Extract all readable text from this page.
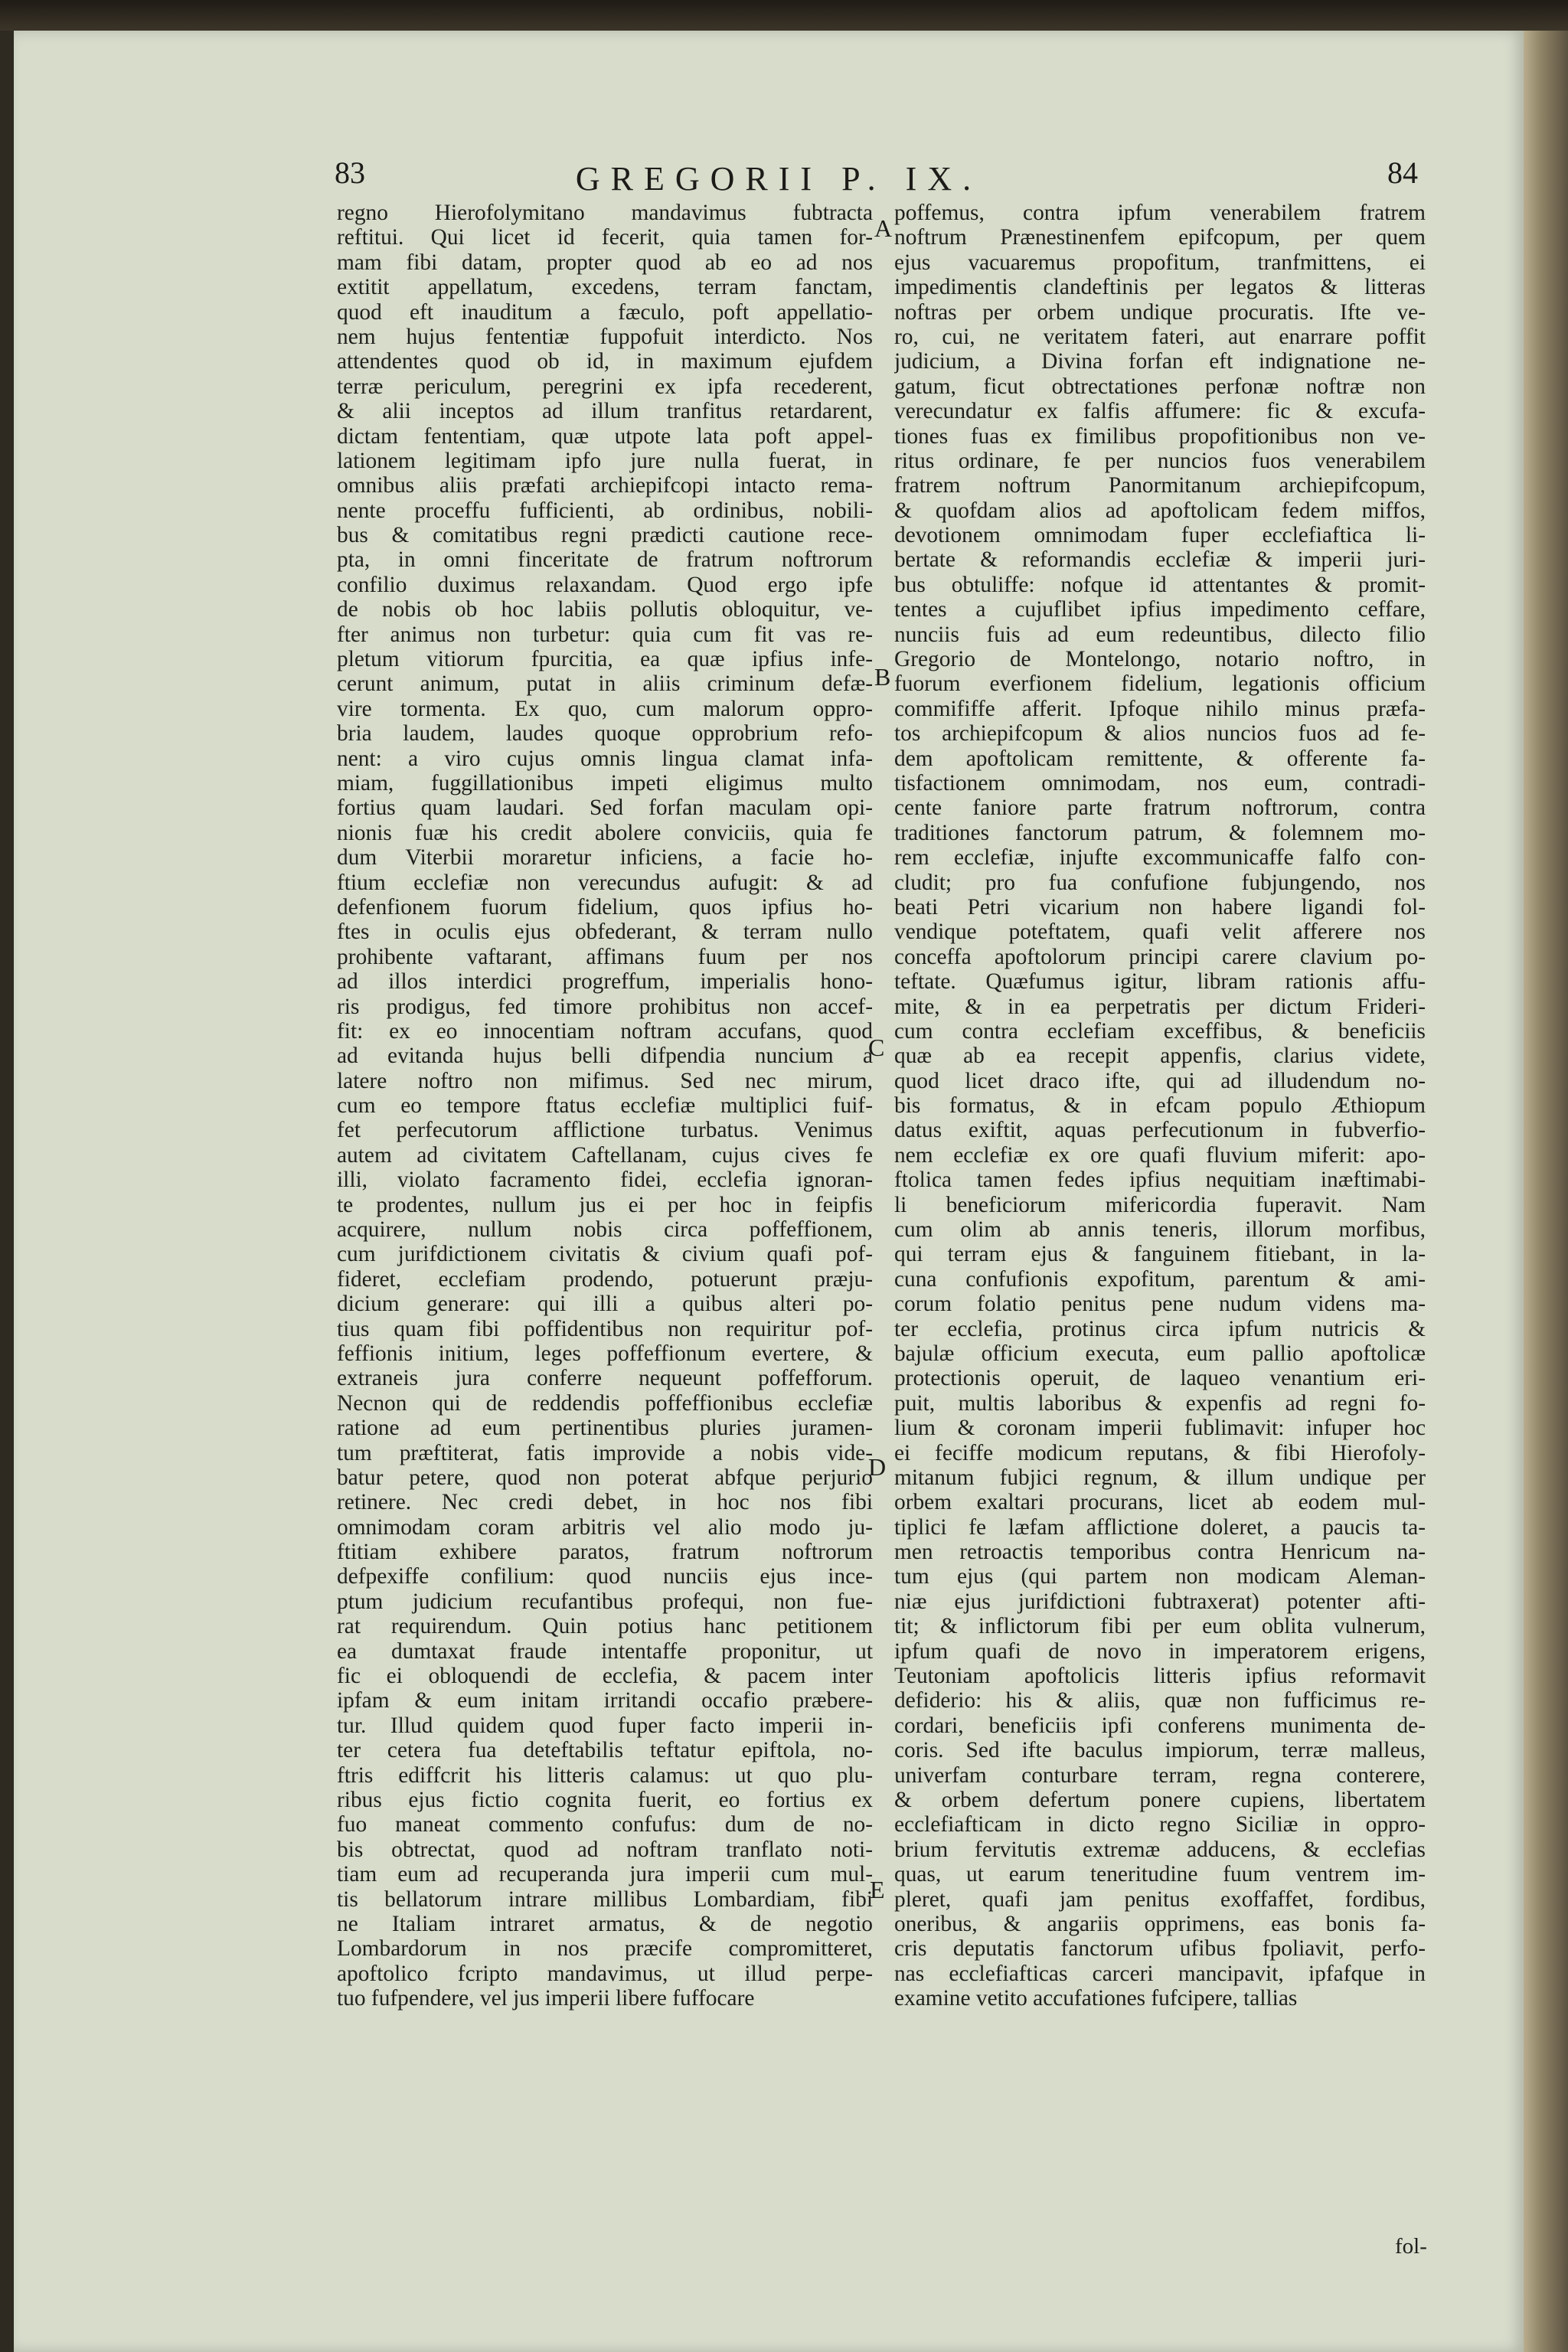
83	84
GREGORII P. IX.
regno Hierofolymitano mandavimus fubtracta
reftitui. Qui licet id fecerit, quia tamen for-
mam fibi datam, propter quod ab eo ad nos
extitit appellatum, excedens, terram fanctam,
quod eft inauditum a fæculo, poft appellatio-
nem hujus fententiæ fuppofuit interdicto. Nos
attendentes quod ob id, in maximum ejufdem
terræ periculum, peregrini ex ipfa recederent,
& alii inceptos ad illum tranfitus retardarent,
dictam fententiam, quæ utpote lata poft appel-
lationem legitimam ipfo jure nulla fuerat, in
omnibus aliis præfati archiepifcopi intacto rema-
nente proceffu fufficienti, ab ordinibus, nobili-
bus & comitatibus regni prædicti cautione rece-
pta, in omni finceritate de fratrum noftrorum
confilio duximus relaxandam. Quod ergo ipfe
de nobis ob hoc labiis pollutis obloquitur, ve-
fter animus non turbetur: quia cum fit vas re-
pletum vitiorum fpurcitia, ea quæ ipfius infe-
cerunt animum, putat in aliis criminum defæ-
vire tormenta. Ex quo, cum malorum oppro-
bria laudem, laudes quoque opprobrium refo-
nent: a viro cujus omnis lingua clamat infa-
miam, fuggillationibus impeti eligimus multo
fortius quam laudari. Sed forfan maculam opi-
nionis fuæ his credit abolere conviciis, quia fe
dum Viterbii moraretur inficiens, a facie ho-
ftium ecclefiæ non verecundus aufugit: & ad
defenfionem fuorum fidelium, quos ipfius ho-
ftes in oculis ejus obfederant, & terram nullo
prohibente vaftarant, affimans fuum per nos
ad illos interdici progreffum, imperialis hono-
ris prodigus, fed timore prohibitus non accef-
fit: ex eo innocentiam noftram accufans, quod
ad evitanda hujus belli difpendia nuncium a
latere noftro non mifimus. Sed nec mirum,
cum eo tempore ftatus ecclefiæ multiplici fuif-
fet perfecutorum afflictione turbatus. Venimus
autem ad civitatem Caftellanam, cujus cives fe
illi, violato facramento fidei, ecclefia ignoran-
te prodentes, nullum jus ei per hoc in feipfis
acquirere, nullum nobis circa poffeffionem,
cum jurifdictionem civitatis & civium quafi pof-
fideret, ecclefiam prodendo, potuerunt præju-
dicium generare: qui illi a quibus alteri po-
tius quam fibi poffidentibus non requiritur pof-
feffionis initium, leges poffeffionum evertere, &
extraneis jura conferre nequeunt poffefforum.
Necnon qui de reddendis poffeffionibus ecclefiæ
ratione ad eum pertinentibus pluries juramen-
tum præftiterat, fatis improvide a nobis vide-
batur petere, quod non poterat abfque perjurio
retinere. Nec credi debet, in hoc nos fibi
omnimodam coram arbitris vel alio modo ju-
ftitiam exhibere paratos, fratrum noftrorum
defpexiffe confilium: quod nunciis ejus ince-
ptum judicium recufantibus profequi, non fue-
rat requirendum. Quin potius hanc petitionem
ea dumtaxat fraude intentaffe proponitur, ut
fic ei obloquendi de ecclefia, & pacem inter
ipfam & eum initam irritandi occafio præbere-
tur. Illud quidem quod fuper facto imperii in-
ter cetera fua deteftabilis teftatur epiftola, no-
ftris ediffcrit his litteris calamus: ut quo plu-
ribus ejus fictio cognita fuerit, eo fortius ex
fuo maneat commento confufus: dum de no-
bis obtrectat, quod ad noftram tranflato noti-
tiam eum ad recuperanda jura imperii cum mul-
tis bellatorum intrare millibus Lombardiam, fibi
ne Italiam intraret armatus, & de negotio
Lombardorum in nos præcife compromitteret,
apoftolico fcripto mandavimus, ut illud perpe-
tuo fufpendere, vel jus imperii libere fuffocare
poffemus, contra ipfum venerabilem fratrem
noftrum Prænestinenfem epifcopum, per quem
ejus vacuaremus propofitum, tranfmittens, ei
impedimentis clandeftinis per legatos & litteras
noftras per orbem undique procuratis. Ifte ve-
ro, cui, ne veritatem fateri, aut enarrare poffit
judicium, a Divina forfan eft indignatione ne-
gatum, ficut obtrectationes perfonæ noftræ non
verecundatur ex falfis affumere: fic & excufa-
tiones fuas ex fimilibus propofitionibus non ve-
ritus ordinare, fe per nuncios fuos venerabilem
fratrem noftrum Panormitanum archiepifcopum,
& quofdam alios ad apoftolicam fedem miffos,
devotionem omnimodam fuper ecclefiaftica li-
bertate & reformandis ecclefiæ & imperii juri-
bus obtuliffe: nofque id attentantes & promit-
tentes a cujuflibet ipfius impedimento ceffare,
nunciis fuis ad eum redeuntibus, dilecto filio
Gregorio de Montelongo, notario noftro, in
fuorum everfionem fidelium, legationis officium
commififfe afferit. Ipfoque nihilo minus præfa-
tos archiepifcopum & alios nuncios fuos ad fe-
dem apoftolicam remittente, & offerente fa-
tisfactionem omnimodam, nos eum, contradi-
cente faniore parte fratrum noftrorum, contra
traditiones fanctorum patrum, & folemnem mo-
rem ecclefiæ, injufte excommunicaffe falfo con-
cludit; pro fua confufione fubjungendo, nos
beati Petri vicarium non habere ligandi fol-
vendique poteftatem, quafi velit afferere nos
conceffa apoftolorum principi carere clavium po-
teftate. Quæfumus igitur, libram rationis affu-
mite, & in ea perpetratis per dictum Frideri-
cum contra ecclefiam exceffibus, & beneficiis
quæ ab ea recepit appenfis, clarius videte,
quod licet draco ifte, qui ad illudendum no-
bis formatus, & in efcam populo Æthiopum
datus exiftit, aquas perfecutionum in fubverfio-
nem ecclefiæ ex ore quafi fluvium miferit: apo-
ftolica tamen fedes ipfius nequitiam inæftimabi-
li beneficiorum mifericordia fuperavit. Nam
cum olim ab annis teneris, illorum morfibus,
qui terram ejus & fanguinem fitiebant, in la-
cuna confufionis expofitum, parentum & ami-
corum folatio penitus pene nudum videns ma-
ter ecclefia, protinus circa ipfum nutricis &
bajulæ officium executa, eum pallio apoftolicæ
protectionis operuit, de laqueo venantium eri-
puit, multis laboribus & expenfis ad regni fo-
lium & coronam imperii fublimavit: infuper hoc
ei feciffe modicum reputans, & fibi Hierofoly-
mitanum fubjici regnum, & illum undique per
orbem exaltari procurans, licet ab eodem mul-
tiplici fe læfam afflictione doleret, a paucis ta-
men retroactis temporibus contra Henricum na-
tum ejus (qui partem non modicam Aleman-
niæ ejus jurifdictioni fubtraxerat) potenter afti-
tit; & inflictorum fibi per eum oblita vulnerum,
ipfum quafi de novo in imperatorem erigens,
Teutoniam apoftolicis litteris ipfius reformavit
defiderio: his & aliis, quæ non fufficimus re-
cordari, beneficiis ipfi conferens munimenta de-
coris. Sed ifte baculus impiorum, terræ malleus,
univerfam conturbare terram, regna conterere,
& orbem defertum ponere cupiens, libertatem
ecclefiafticam in dicto regno Siciliæ in oppro-
brium fervitutis extremæ adducens, & ecclefias
quas, ut earum teneritudine fuum ventrem im-
pleret, quafi jam penitus exoffaffet, fordibus,
oneribus, & angariis opprimens, eas bonis fa-
cris deputatis fanctorum ufibus fpoliavit, perfo-
nas ecclefiafticas carceri mancipavit, ipfafque in
examine vetito accufationes fufcipere, tallias
A
B
C
D
E
fol-
